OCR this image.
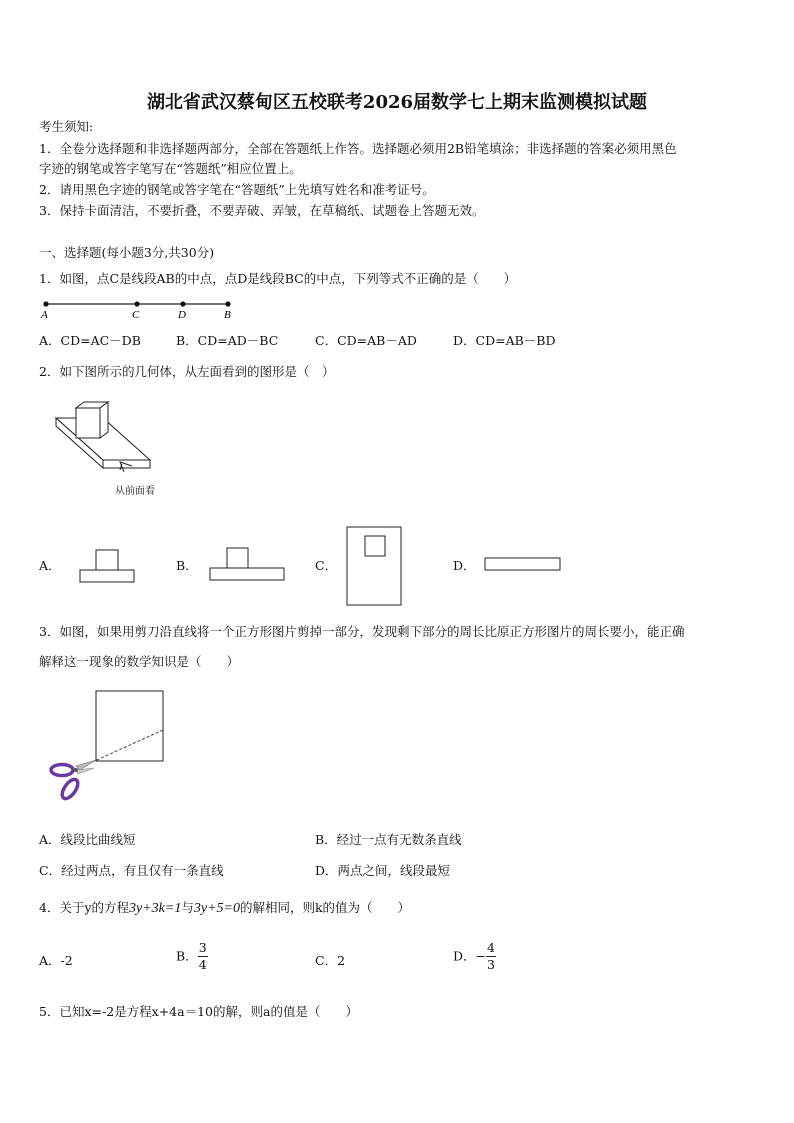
湖北省武汉蔡甸区五校联考2026届数学七上期末监测模拟试题
考生须知:
1．全卷分选择题和非选择题两部分，全部在答题纸上作答。选择题必须用2B铅笔填涂；非选择题的答案必须用黑色
字迹的钢笔或答字笔写在“答题纸”相应位置上。
2．请用黑色字迹的钢笔或答字笔在“答题纸”上先填写姓名和准考证号。
3．保持卡面清洁，不要折叠，不要弄破、弄皱，在草稿纸、试题卷上答题无效。
一、选择题(每小题3分,共30分)
1．如图，点C是线段AB的中点，点D是线段BC的中点，下列等式不正确的是（　　）
A	C	D	B
A．CD=AC－DB	B．CD=AD－BC	C．CD=AB－AD	D．CD=AB－BD
2．如下图所示的几何体，从左面看到的图形是（　）
从前面看
A．	B．	C．	D．
3．如图，如果用剪刀沿直线将一个正方形图片剪掉一部分，发现剩下部分的周长比原正方形图片的周长要小，能正确
解释这一现象的数学知识是（　　）
A．线段比曲线短	B．经过一点有无数条直线
C．经过两点，有且仅有一条直线	D．两点之间，线段最短
4．关于y的方程3y+3k=1与3y+5=0的解相同，则k的值为（　　）
A．-2	B． $\frac{3}{4}$	C．2	D．− $\frac{4}{3}$
5．已知x=-2是方程x+4a＝10的解，则a的值是（　　）
